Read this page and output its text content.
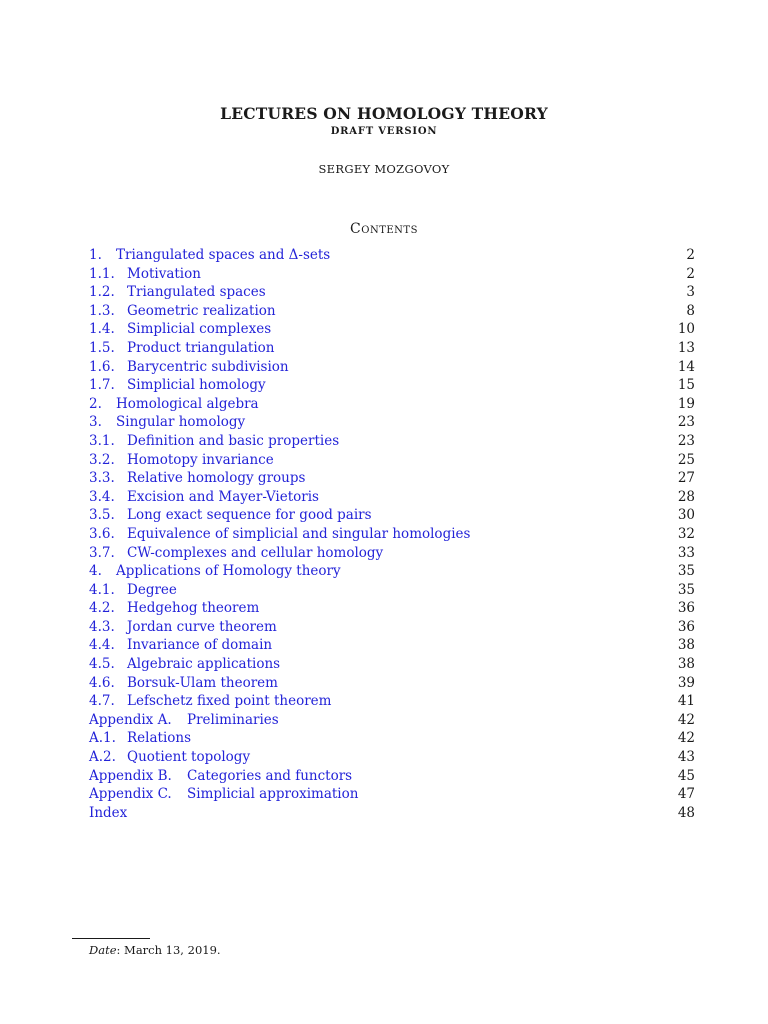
LECTURES ON HOMOLOGY THEORY
DRAFT VERSION
SERGEY MOZGOVOY
Contents
1. Triangulated spaces and Δ-sets	2
1.1. Motivation	2
1.2. Triangulated spaces	3
1.3. Geometric realization	8
1.4. Simplicial complexes	10
1.5. Product triangulation	13
1.6. Barycentric subdivision	14
1.7. Simplicial homology	15
2. Homological algebra	19
3. Singular homology	23
3.1. Definition and basic properties	23
3.2. Homotopy invariance	25
3.3. Relative homology groups	27
3.4. Excision and Mayer-Vietoris	28
3.5. Long exact sequence for good pairs	30
3.6. Equivalence of simplicial and singular homologies	32
3.7. CW-complexes and cellular homology	33
4. Applications of Homology theory	35
4.1. Degree	35
4.2. Hedgehog theorem	36
4.3. Jordan curve theorem	36
4.4. Invariance of domain	38
4.5. Algebraic applications	38
4.6. Borsuk-Ulam theorem	39
4.7. Lefschetz fixed point theorem	41
Appendix A. Preliminaries	42
A.1. Relations	42
A.2. Quotient topology	43
Appendix B. Categories and functors	45
Appendix C. Simplicial approximation	47
Index	48
Date: March 13, 2019.
